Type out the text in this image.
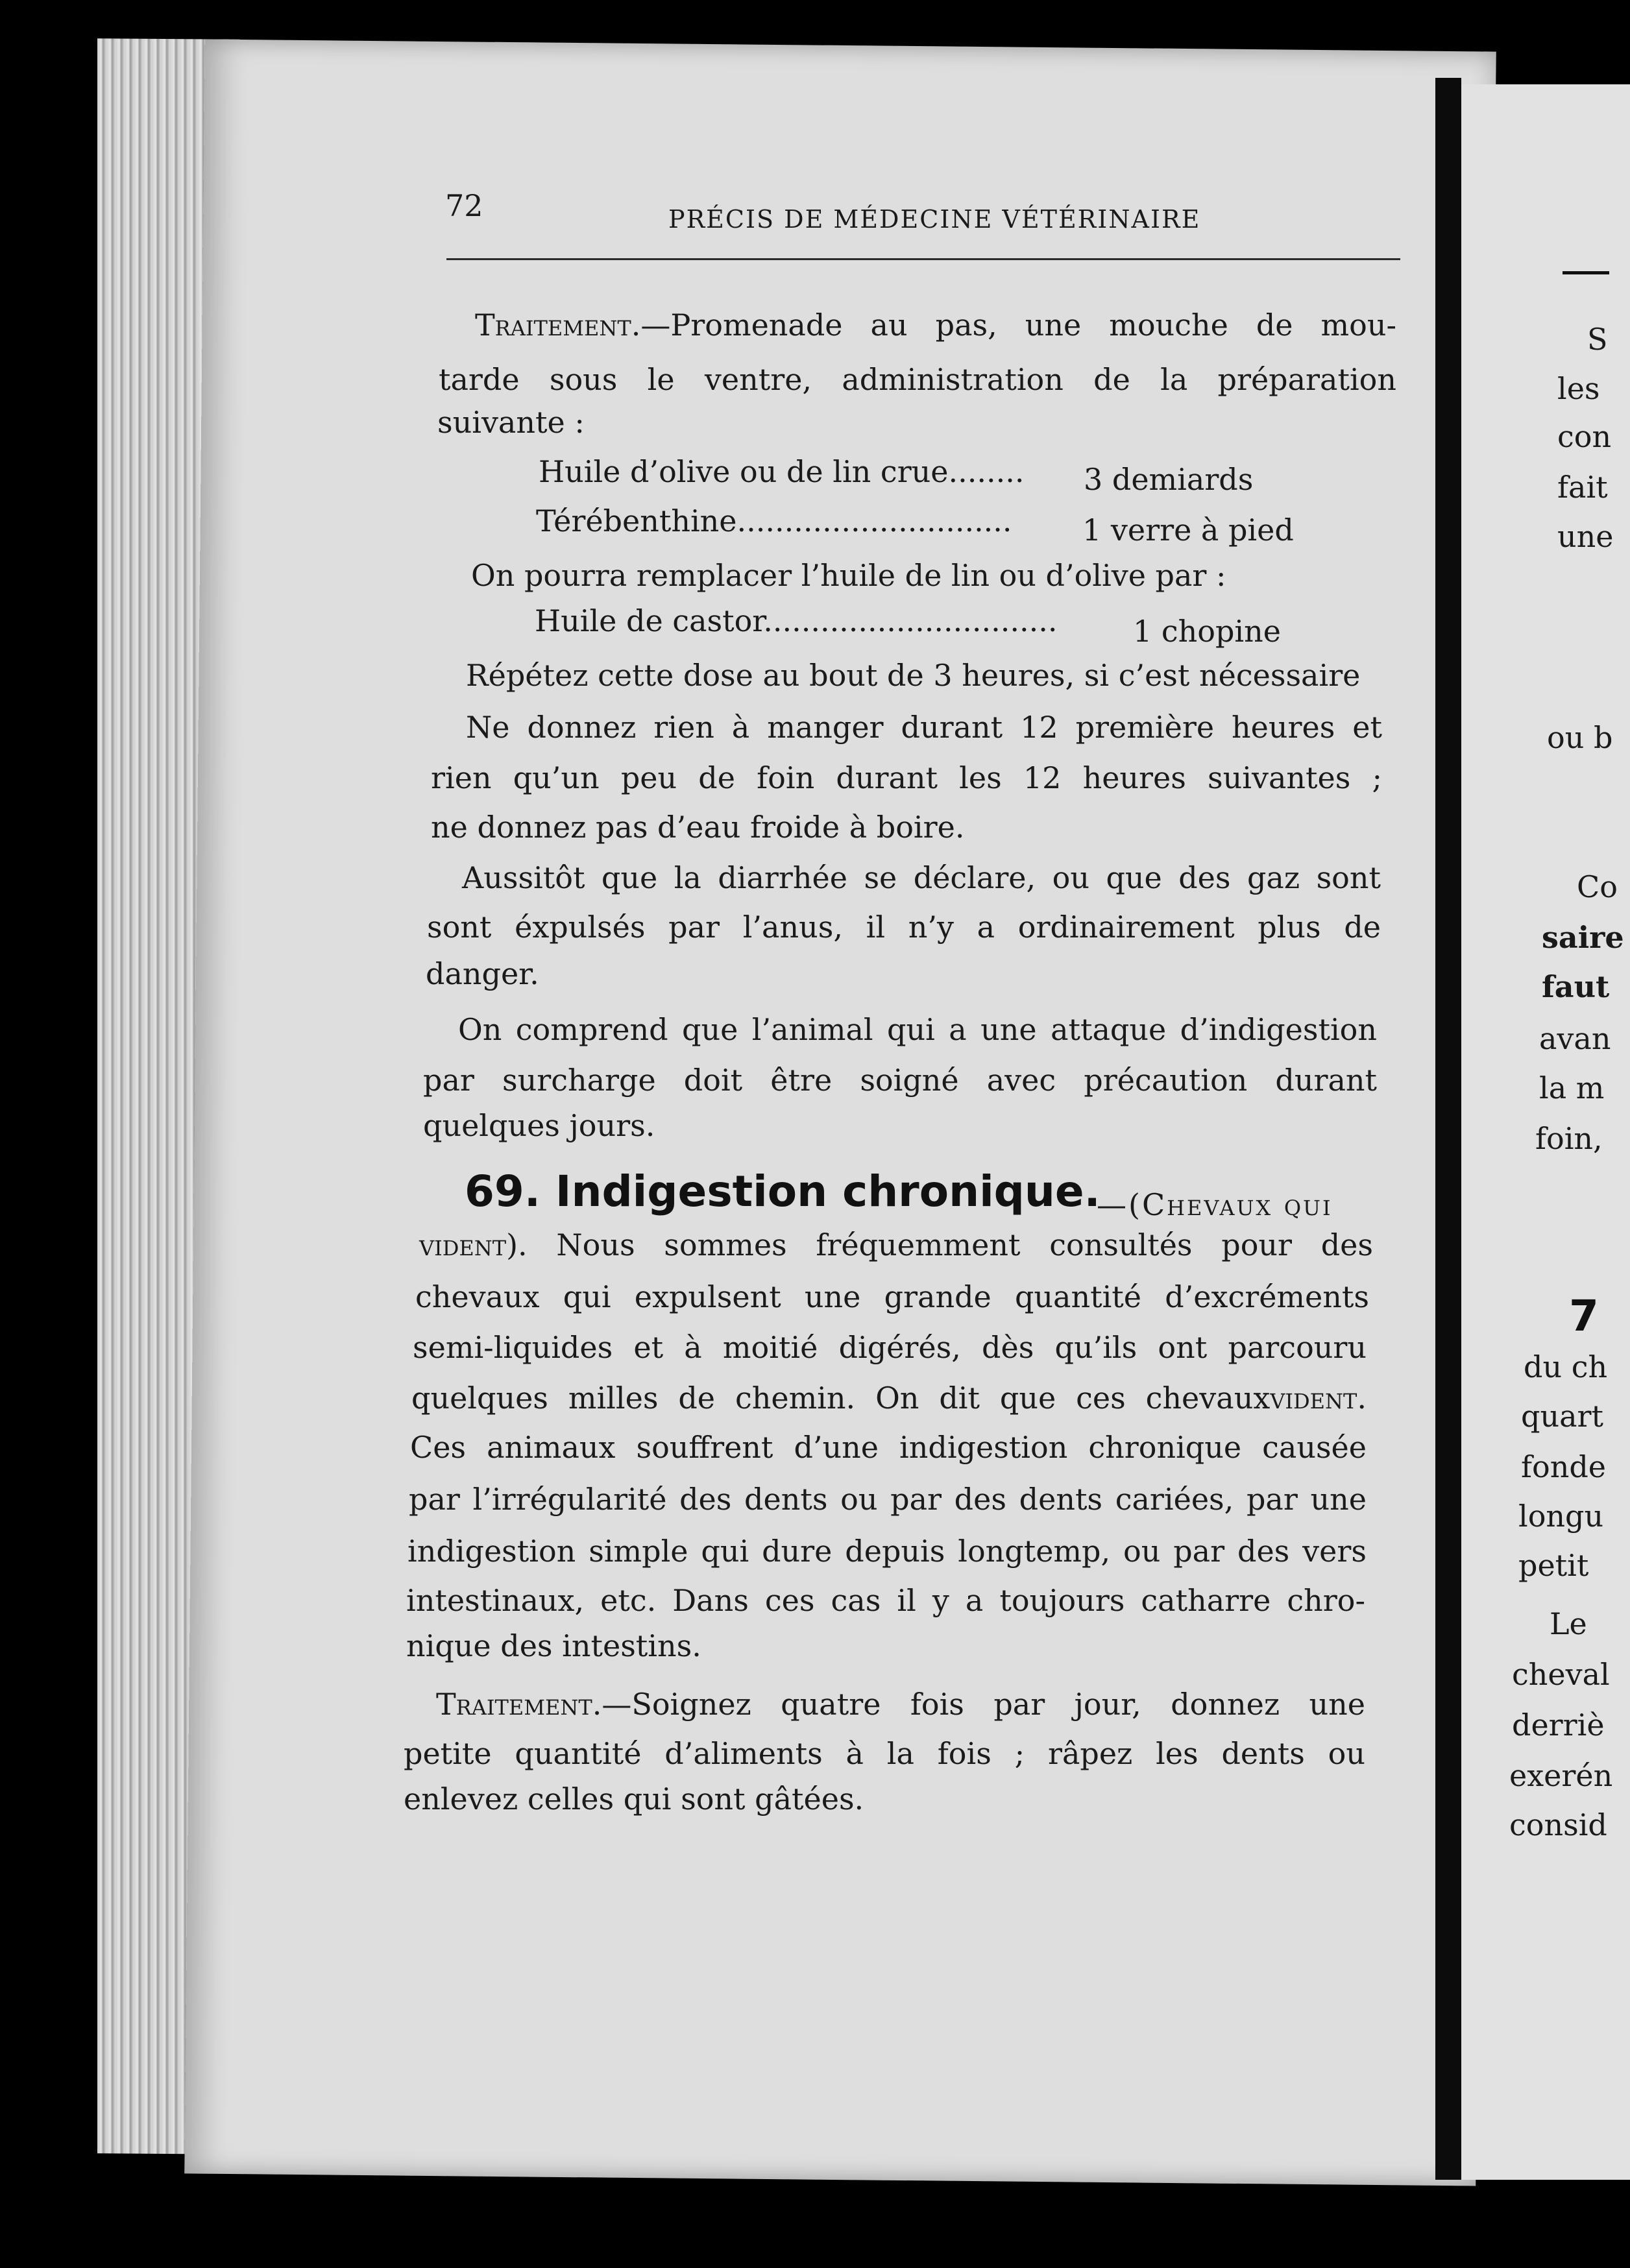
72	PRÉCIS DE MÉDECINE VÉTÉRINAIRE
Traitement.—Promenade au pas, une mouche de mou-
tarde sous le ventre, administration de la préparation
suivante :
Huile d’olive ou de lin crue........ 3 demiards
Térébenthine............................. 1 verre à pied
On pourra remplacer l’huile de lin ou d’olive par :
Huile de castor...............................	1 chopine
Répétez cette dose au bout de 3 heures, si c’est nécessaire
Ne donnez rien à manger durant 12 première heures et
rien qu’un peu de foin durant les 12 heures suivantes ;
ne donnez pas d’eau froide à boire.
Aussitôt que la diarrhée se déclare, ou que des gaz sont
sont éxpulsés par l’anus, il n’y a ordinairement plus de
danger.
On comprend que l’animal qui a une attaque d’indigestion
par surcharge doit être soigné avec précaution durant
quelques jours.
69. Indigestion chronique.
—(Chevaux qui
vident). Nous sommes fréquemment consultés pour des
chevaux qui expulsent une grande quantité d’excréments
semi-liquides et à moitié digérés, dès qu’ils ont parcouru
quelques milles de chemin. On dit que ces chevauxvident.
Ces animaux souffrent d’une indigestion chronique causée
par l’irrégularité des dents ou par des dents cariées, par une
indigestion simple qui dure depuis longtemp, ou par des vers
intestinaux, etc. Dans ces cas il y a toujours catharre chro-
nique des intestins.
Traitement.—Soignez quatre fois par jour, donnez une
petite quantité d’aliments à la fois ; râpez les dents ou
enlevez celles qui sont gâtées.
S
les
con
fait
une
ou b
Co
saire
faut
avan
la m
foin,
7
du ch
quart
fonde
longu
petit
Le
cheval
derriè
exerén
consid
